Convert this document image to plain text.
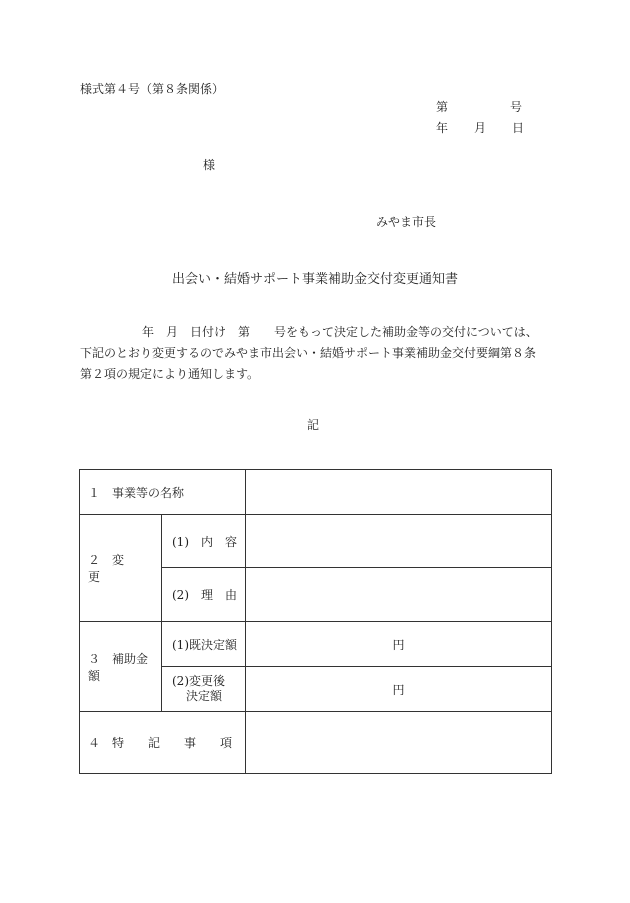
様式第４号（第８条関係）
第	号
年 月 日
様
みやま市長
出会い・結婚サポート事業補助金交付変更通知書

年　月　日付け　第　　号をもって決定した補助金等の交付については、

下記のとおり変更するのでみやま市出会い・結婚サポート事業補助金交付要綱第８条

第２項の規定により通知します。

記
１　事業等の名称		
２　変　　更	(1)　内　容	
	(2)　理　由	
３　補助金額	(1)既決定額	円

	(2)変更後
決定額	円
４　特　　記　　事　　項		
